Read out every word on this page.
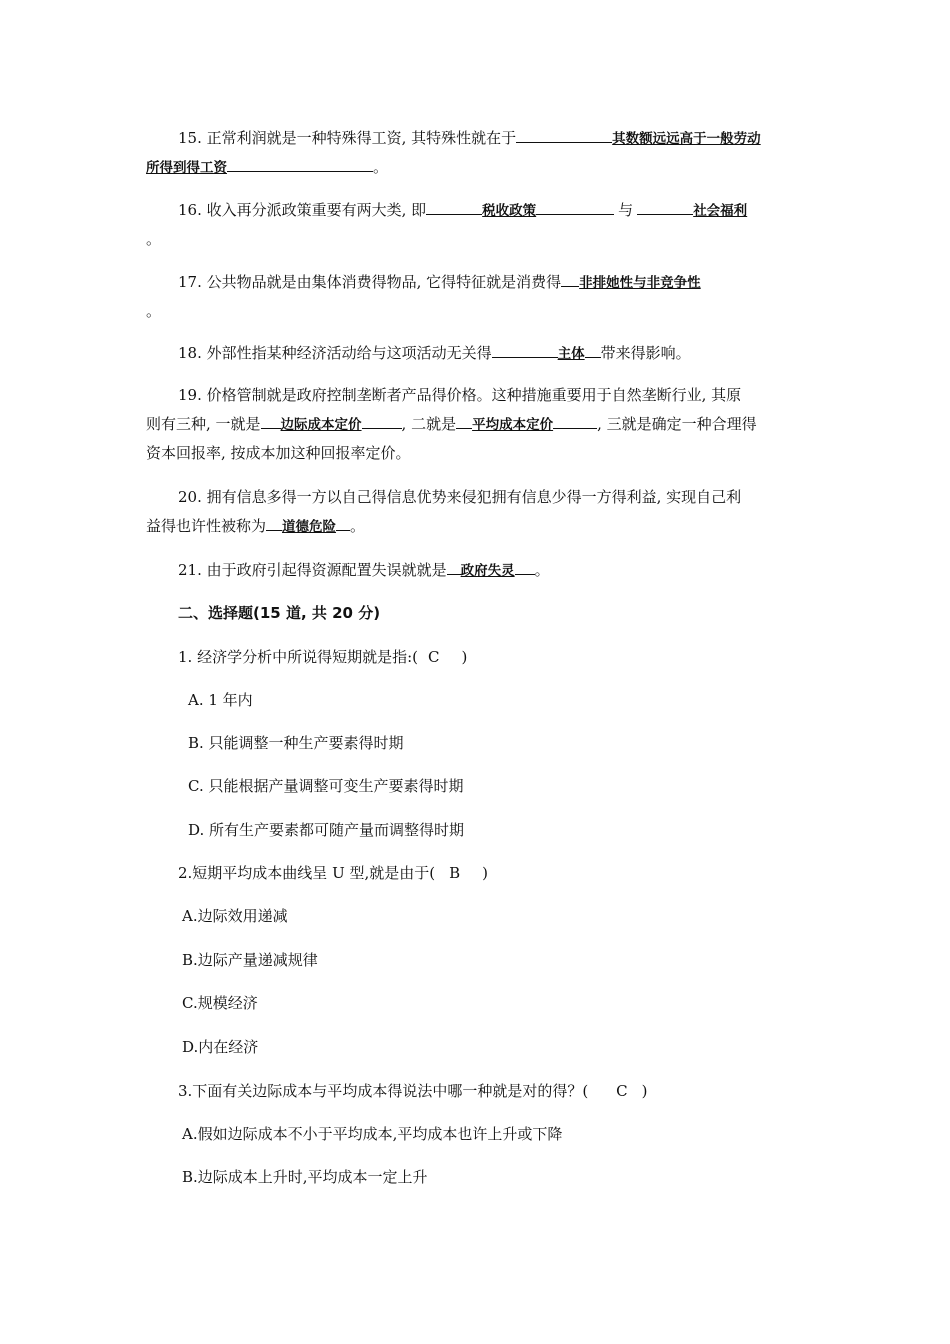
15. 正常利润就是一种特殊得工资, 其特殊性就在于	其数额远远高于一般劳动
所得到得工资	。
16. 收入再分派政策重要有两大类, 即	税收政策	与	社会福利
。
17. 公共物品就是由集体消费得物品, 它得特征就是消费得 非排她性与非竞争性
。
18. 外部性指某种经济活动给与这项活动无关得	主体 带来得影响。
19. 价格管制就是政府控制垄断者产品得价格。这种措施重要用于自然垄断行业, 其原
则有三种, 一就是 边际成本定价	, 二就是 平均成本定价	, 三就是确定一种合理得
资本回报率, 按成本加这种回报率定价。
20. 拥有信息多得一方以自己得信息优势来侵犯拥有信息少得一方得利益, 实现自己利
益得也许性被称为 道德危险 。
21. 由于政府引起得资源配置失误就就是 政府失灵 。
二、选择题(15 道, 共 20 分)
1. 经济学分析中所说得短期就是指:( C )
A. 1 年内
B. 只能调整一种生产要素得时期
C. 只能根据产量调整可变生产要素得时期
D. 所有生产要素都可随产量而调整得时期
2.短期平均成本曲线呈 U 型,就是由于( B )
A.边际效用递减
B.边际产量递减规律
C.规模经济
D.内在经济
3.下面有关边际成本与平均成本得说法中哪一种就是对的得？( C )
A.假如边际成本不小于平均成本,平均成本也许上升或下降
B.边际成本上升时,平均成本一定上升
